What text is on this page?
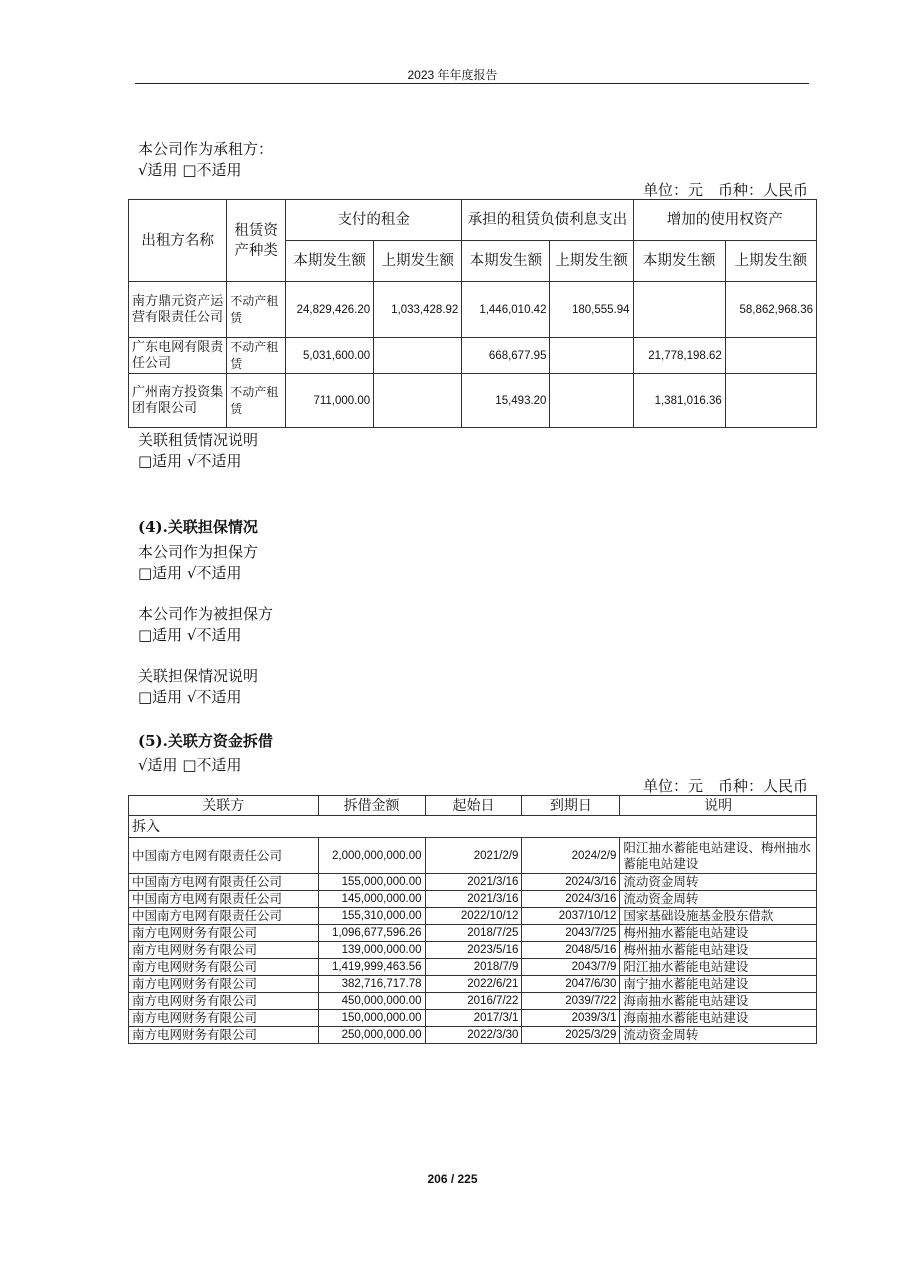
2023 年年度报告
本公司作为承租方：
√适用 □不适用
单位：元　币种：人民币
出租方名称	租赁资产种类	支付的租金		承担的租赁负债利息支出		增加的使用权资产	
		本期发生额	上期发生额	本期发生额	上期发生额	本期发生额	上期发生额
南方鼎元资产运营有限责任公司	不动产租赁	24,829,426.20	1,033,428.92	1,446,010.42	180,555.94		58,862,968.36
广东电网有限责任公司	不动产租赁	5,031,600.00		668,677.95		21,778,198.62	
广州南方投资集团有限公司	不动产租赁	711,000.00		15,493.20		1,381,016.36	
关联租赁情况说明
□适用 √不适用
(4).关联担保情况
本公司作为担保方
□适用 √不适用
本公司作为被担保方
□适用 √不适用
关联担保情况说明
□适用 √不适用
(5).关联方资金拆借
√适用 □不适用
单位：元　币种：人民币
关联方	拆借金额	起始日	到期日	说明
拆入				
中国南方电网有限责任公司	2,000,000,000.00	2021/2/9	2024/2/9	阳江抽水蓄能电站建设、梅州抽水蓄能电站建设
中国南方电网有限责任公司	155,000,000.00	2021/3/16	2024/3/16	流动资金周转
中国南方电网有限责任公司	145,000,000.00	2021/3/16	2024/3/16	流动资金周转
中国南方电网有限责任公司	155,310,000.00	2022/10/12	2037/10/12	国家基础设施基金股东借款
南方电网财务有限公司	1,096,677,596.26	2018/7/25	2043/7/25	梅州抽水蓄能电站建设
南方电网财务有限公司	139,000,000.00	2023/5/16	2048/5/16	梅州抽水蓄能电站建设
南方电网财务有限公司	1,419,999,463.56	2018/7/9	2043/7/9	阳江抽水蓄能电站建设
南方电网财务有限公司	382,716,717.78	2022/6/21	2047/6/30	南宁抽水蓄能电站建设
南方电网财务有限公司	450,000,000.00	2016/7/22	2039/7/22	海南抽水蓄能电站建设
南方电网财务有限公司	150,000,000.00	2017/3/1	2039/3/1	海南抽水蓄能电站建设
南方电网财务有限公司	250,000,000.00	2022/3/30	2025/3/29	流动资金周转
206 / 225
